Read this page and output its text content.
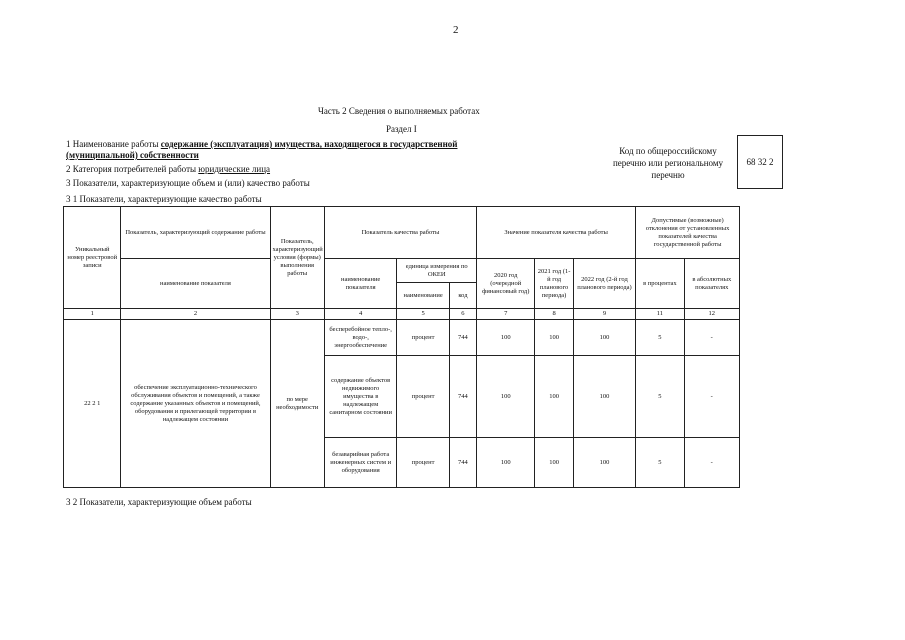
2
Часть 2 Сведения о выполняемых работах
Раздел I
1 Наименование работы содержание (эксплуатация) имущества, находящегося в государственной
(муниципальной) собственности
2 Категория потребителей работы юридические лица
3 Показатели, характеризующие объем и (или) качество работы
3 1 Показатели, характеризующие качество работы
Код по общероссийскому перечню или региональному перечню
68 32 2
Уникальный номер реестровой записи	Показатель, характеризующий содержание работы	Показатель, характеризующий условия (формы) выполнения работы	Показатель качества работы			Значение показателя качества работы			Допустимые (возможные) отклонения от установленных показателей качества государственной работы	
	наименование показателя		наименование показателя	единица измерения по ОКЕИ		2020 год (очередной финансовый год)	2021 год (1-й год планового периода)	2022 год (2-й год планового периода)	в процентах	в абсолютных показателях
				наименование	код					
1	2	3	4	5	6	7	8	9	11	12
22 2 1	обеспечение эксплуатационно-технического обслуживания объектов и помещений, а также содержание указанных объектов и помещений, оборудования и прилегающей территории в надлежащем состоянии	по мере необходимости	бесперебойное тепло-, водо-, энергообеспечение	процент	744	100	100	100	5	-
			содержание объектов недвижимого имущества в надлежащем санитарном состоянии	процент	744	100	100	100	5	-
			безаварийная работа инженерных систем и оборудования	процент	744	100	100	100	5	-
3 2 Показатели, характеризующие объем работы
